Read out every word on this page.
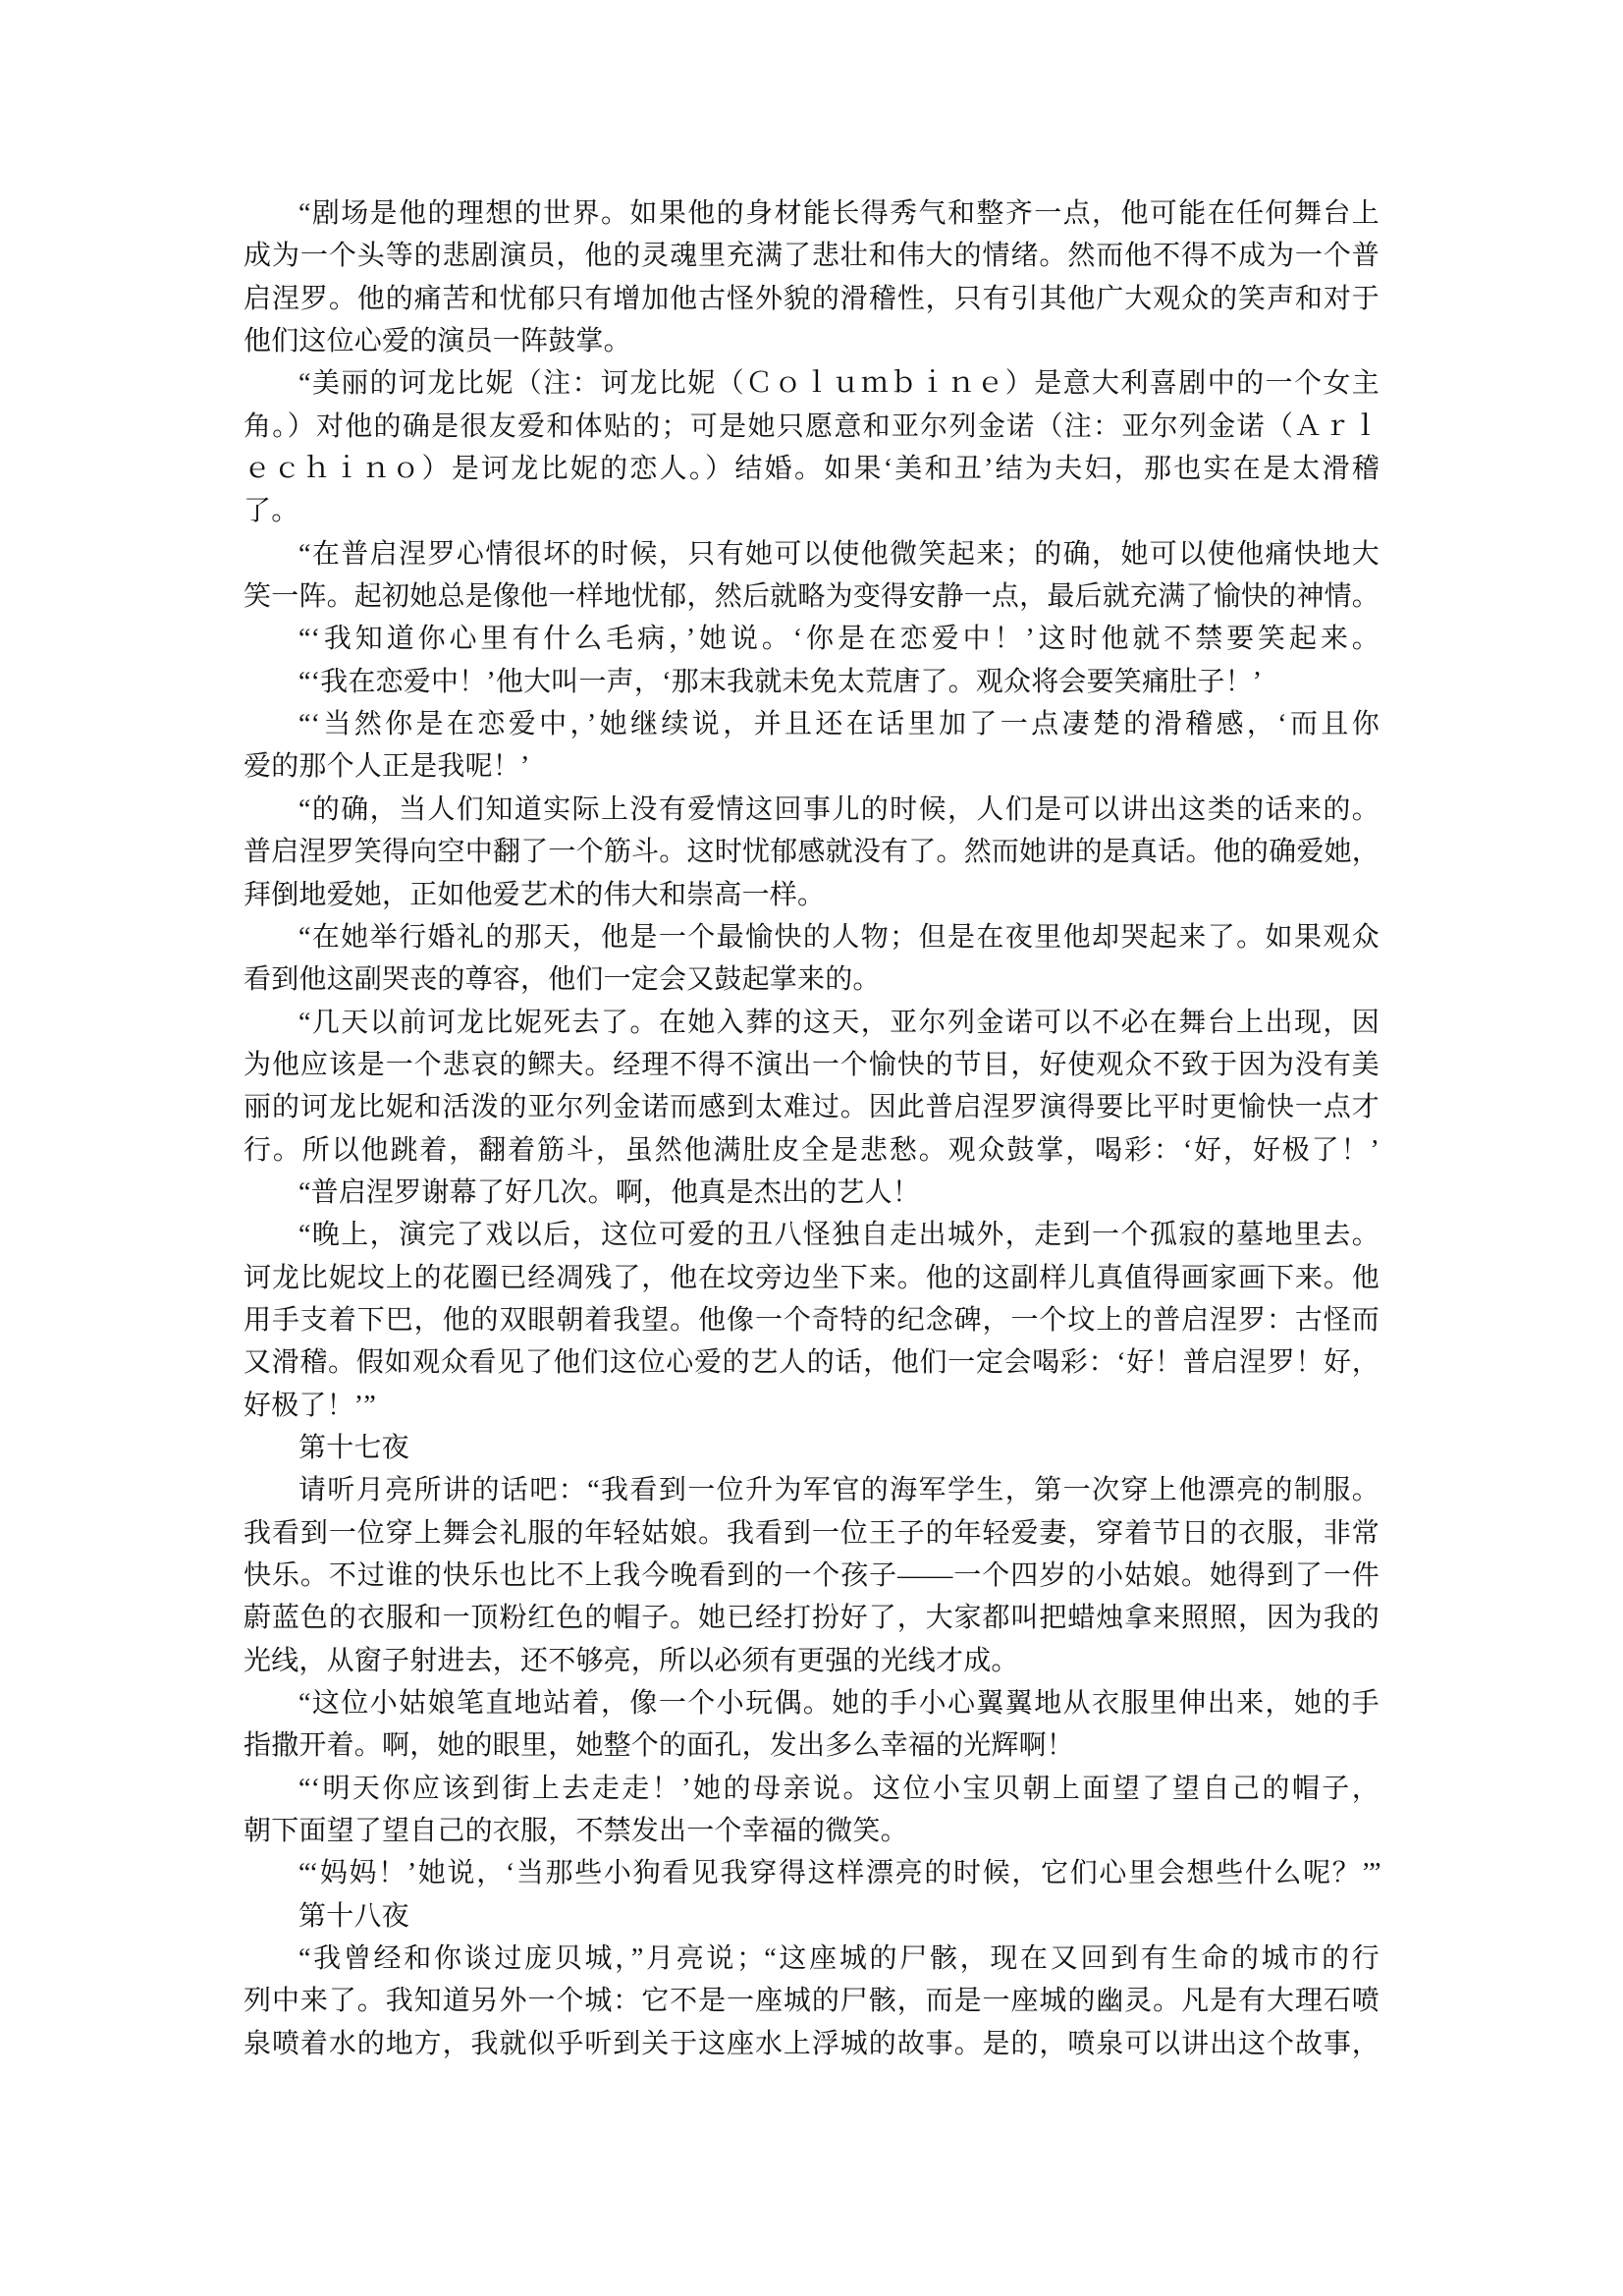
“剧场是他的理想的世界。如果他的身材能长得秀气和整齐一点，他可能在任何舞台上
成为一个头等的悲剧演员，他的灵魂里充满了悲壮和伟大的情绪。然而他不得不成为一个普
启涅罗。他的痛苦和忧郁只有增加他古怪外貌的滑稽性，只有引其他广大观众的笑声和对于
他们这位心爱的演员一阵鼓掌。
“美丽的诃龙比妮（注：诃龙比妮（Ｃｏｌｕｍｂｉｎｅ）是意大利喜剧中的一个女主
角。）对他的确是很友爱和体贴的；可是她只愿意和亚尔列金诺（注：亚尔列金诺（Ａｒｌ
ｅｃｈｉｎｏ）是诃龙比妮的恋人。）结婚。如果‘美和丑’结为夫妇，那也实在是太滑稽
了。
“在普启涅罗心情很坏的时候，只有她可以使他微笑起来；的确，她可以使他痛快地大
笑一阵。起初她总是像他一样地忧郁，然后就略为变得安静一点，最后就充满了愉快的神情。
“‘我知道你心里有什么毛病，’她说。‘你是在恋爱中！’这时他就不禁要笑起来。
“‘我在恋爱中！’他大叫一声，‘那末我就未免太荒唐了。观众将会要笑痛肚子！’
“‘当然你是在恋爱中，’她继续说，并且还在话里加了一点凄楚的滑稽感，‘而且你
爱的那个人正是我呢！’
“的确，当人们知道实际上没有爱情这回事儿的时候，人们是可以讲出这类的话来的。
普启涅罗笑得向空中翻了一个筋斗。这时忧郁感就没有了。然而她讲的是真话。他的确爱她，
拜倒地爱她，正如他爱艺术的伟大和崇高一样。
“在她举行婚礼的那天，他是一个最愉快的人物；但是在夜里他却哭起来了。如果观众
看到他这副哭丧的尊容，他们一定会又鼓起掌来的。
“几天以前诃龙比妮死去了。在她入葬的这天，亚尔列金诺可以不必在舞台上出现，因
为他应该是一个悲哀的鳏夫。经理不得不演出一个愉快的节目，好使观众不致于因为没有美
丽的诃龙比妮和活泼的亚尔列金诺而感到太难过。因此普启涅罗演得要比平时更愉快一点才
行。所以他跳着，翻着筋斗，虽然他满肚皮全是悲愁。观众鼓掌，喝彩：‘好，好极了！’
“普启涅罗谢幕了好几次。啊，他真是杰出的艺人！
“晚上，演完了戏以后，这位可爱的丑八怪独自走出城外，走到一个孤寂的墓地里去。
诃龙比妮坟上的花圈已经凋残了，他在坟旁边坐下来。他的这副样儿真值得画家画下来。他
用手支着下巴，他的双眼朝着我望。他像一个奇特的纪念碑，一个坟上的普启涅罗：古怪而
又滑稽。假如观众看见了他们这位心爱的艺人的话，他们一定会喝彩：‘好！普启涅罗！好，
好极了！’”
第十七夜
请听月亮所讲的话吧：“我看到一位升为军官的海军学生，第一次穿上他漂亮的制服。
我看到一位穿上舞会礼服的年轻姑娘。我看到一位王子的年轻爱妻，穿着节日的衣服，非常
快乐。不过谁的快乐也比不上我今晚看到的一个孩子——一个四岁的小姑娘。她得到了一件
蔚蓝色的衣服和一顶粉红色的帽子。她已经打扮好了，大家都叫把蜡烛拿来照照，因为我的
光线，从窗子射进去，还不够亮，所以必须有更强的光线才成。
“这位小姑娘笔直地站着，像一个小玩偶。她的手小心翼翼地从衣服里伸出来，她的手
指撒开着。啊，她的眼里，她整个的面孔，发出多么幸福的光辉啊！
“‘明天你应该到街上去走走！’她的母亲说。这位小宝贝朝上面望了望自己的帽子，
朝下面望了望自己的衣服，不禁发出一个幸福的微笑。
“‘妈妈！’她说，‘当那些小狗看见我穿得这样漂亮的时候，它们心里会想些什么呢？’”
第十八夜
“我曾经和你谈过庞贝城，”月亮说；“这座城的尸骸，现在又回到有生命的城市的行
列中来了。我知道另外一个城：它不是一座城的尸骸，而是一座城的幽灵。凡是有大理石喷
泉喷着水的地方，我就似乎听到关于这座水上浮城的故事。是的，喷泉可以讲出这个故事，
